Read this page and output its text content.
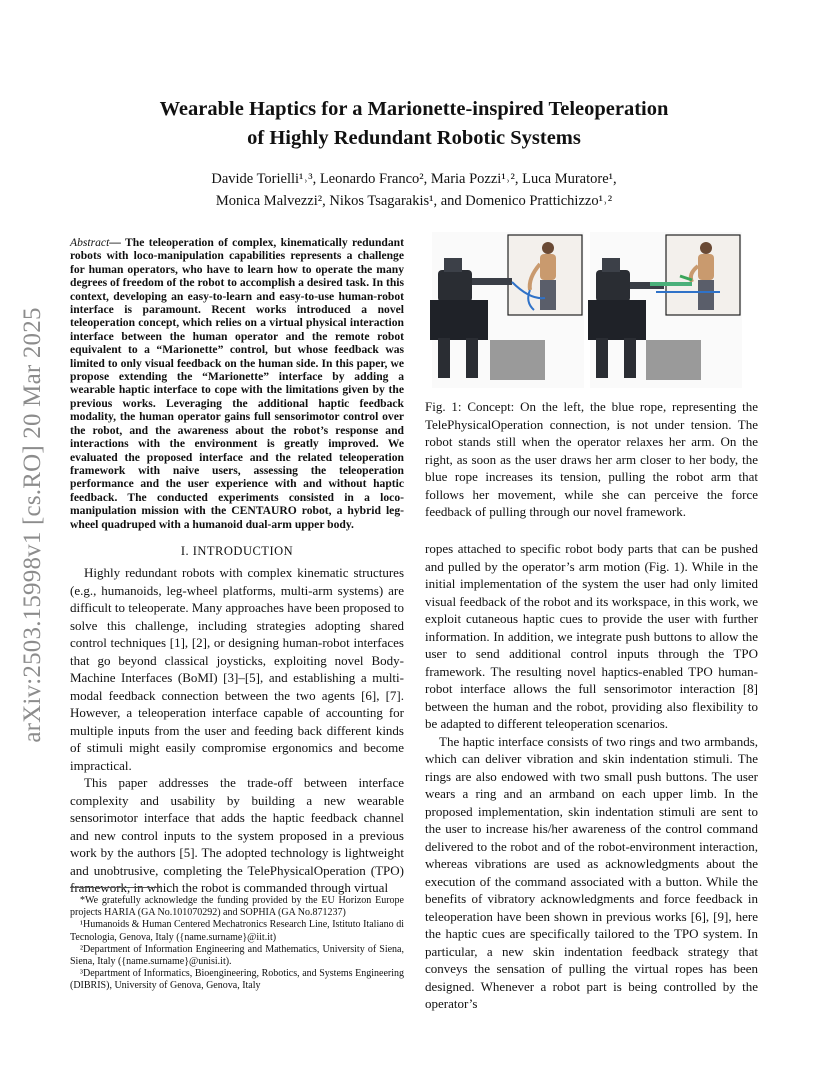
arXiv:2503.15998v1 [cs.RO] 20 Mar 2025
Wearable Haptics for a Marionette-inspired Teleoperation
of Highly Redundant Robotic Systems
Davide Torielli¹˒³, Leonardo Franco², Maria Pozzi¹˒², Luca Muratore¹,
Monica Malvezzi², Nikos Tsagarakis¹, and Domenico Prattichizzo¹˒²

Abstract— The teleoperation of complex, kinematically redundant robots with loco-manipulation capabilities represents a challenge for human operators, who have to learn how to operate the many degrees of freedom of the robot to accomplish a desired task. In this context, developing an easy-to-learn and easy-to-use human-robot interface is paramount. Recent works introduced a novel teleoperation concept, which relies on a virtual physical interaction interface between the human operator and the remote robot equivalent to a “Marionette” control, but whose feedback was limited to only visual feedback on the human side. In this paper, we propose extending the “Marionette” interface by adding a wearable haptic interface to cope with the limitations given by the previous works. Leveraging the additional haptic feedback modality, the human operator gains full sensorimotor control over the robot, and the awareness about the robot’s response and interactions with the environment is greatly improved. We evaluated the proposed interface and the related teleoperation framework with naive users, assessing the teleoperation performance and the user experience with and without haptic feedback. The conducted experiments consisted in a loco-manipulation mission with the CENTAURO robot, a hybrid leg-wheel quadruped with a humanoid dual-arm upper body.

I. INTRODUCTION

Highly redundant robots with complex kinematic structures (e.g., humanoids, leg-wheel platforms, multi-arm systems) are difficult to teleoperate. Many approaches have been proposed to solve this challenge, including strategies adopting shared control techniques [1], [2], or designing human-robot interfaces that go beyond classical joysticks, exploiting novel Body-Machine Interfaces (BoMI) [3]–[5], and establishing a multi-modal feedback connection between the two agents [6], [7]. However, a teleoperation interface capable of accounting for multiple inputs from the user and feeding back different kinds of stimuli might easily compromise ergonomics and become impractical.

This paper addresses the trade-off between interface complexity and usability by building a new wearable sensorimotor interface that adds the haptic feedback channel and new control inputs to the system proposed in a previous work by the authors [5]. The adopted technology is lightweight and unobtrusive, completing the TelePhysicalOperation (TPO) framework, in which the robot is commanded through virtual

*We gratefully acknowledge the funding provided by the EU Horizon Europe projects HARIA (GA No.101070292) and SOPHIA (GA No.871237)

¹Humanoids & Human Centered Mechatronics Research Line, Istituto Italiano di Tecnologia, Genova, Italy ({name.surname}@iit.it)

²Department of Information Engineering and Mathematics, University of Siena, Siena, Italy ({name.surname}@unisi.it).

³Department of Informatics, Bioengineering, Robotics, and Systems Engineering (DIBRIS), University of Genova, Genova, Italy

Fig. 1: Concept: On the left, the blue rope, representing the TelePhysicalOperation connection, is not under tension. The robot stands still when the operator relaxes her arm. On the right, as soon as the user draws her arm closer to her body, the blue rope increases its tension, pulling the robot arm that follows her movement, while she can perceive the force feedback of pulling through our novel framework.

ropes attached to specific robot body parts that can be pushed and pulled by the operator’s arm motion (Fig. 1). While in the initial implementation of the system the user had only limited visual feedback of the robot and its workspace, in this work, we exploit cutaneous haptic cues to provide the user with further information. In addition, we integrate push buttons to allow the user to send additional control inputs through the TPO framework. The resulting novel haptics-enabled TPO human-robot interface allows the full sensorimotor interaction [8] between the human and the robot, providing also flexibility to be adapted to different teleoperation scenarios.

The haptic interface consists of two rings and two armbands, which can deliver vibration and skin indentation stimuli. The rings are also endowed with two small push buttons. The user wears a ring and an armband on each upper limb. In the proposed implementation, skin indentation stimuli are sent to the user to increase his/her awareness of the control command delivered to the robot and of the robot-environment interaction, whereas vibrations are used as acknowledgments about the execution of the command associated with a button. While the benefits of vibratory acknowledgments and force feedback in teleoperation have been shown in previous works [6], [9], here the haptic cues are specifically tailored to the TPO system. In particular, a new skin indentation feedback strategy that conveys the sensation of pulling the virtual ropes has been designed. Whenever a robot part is being controlled by the operator’s
